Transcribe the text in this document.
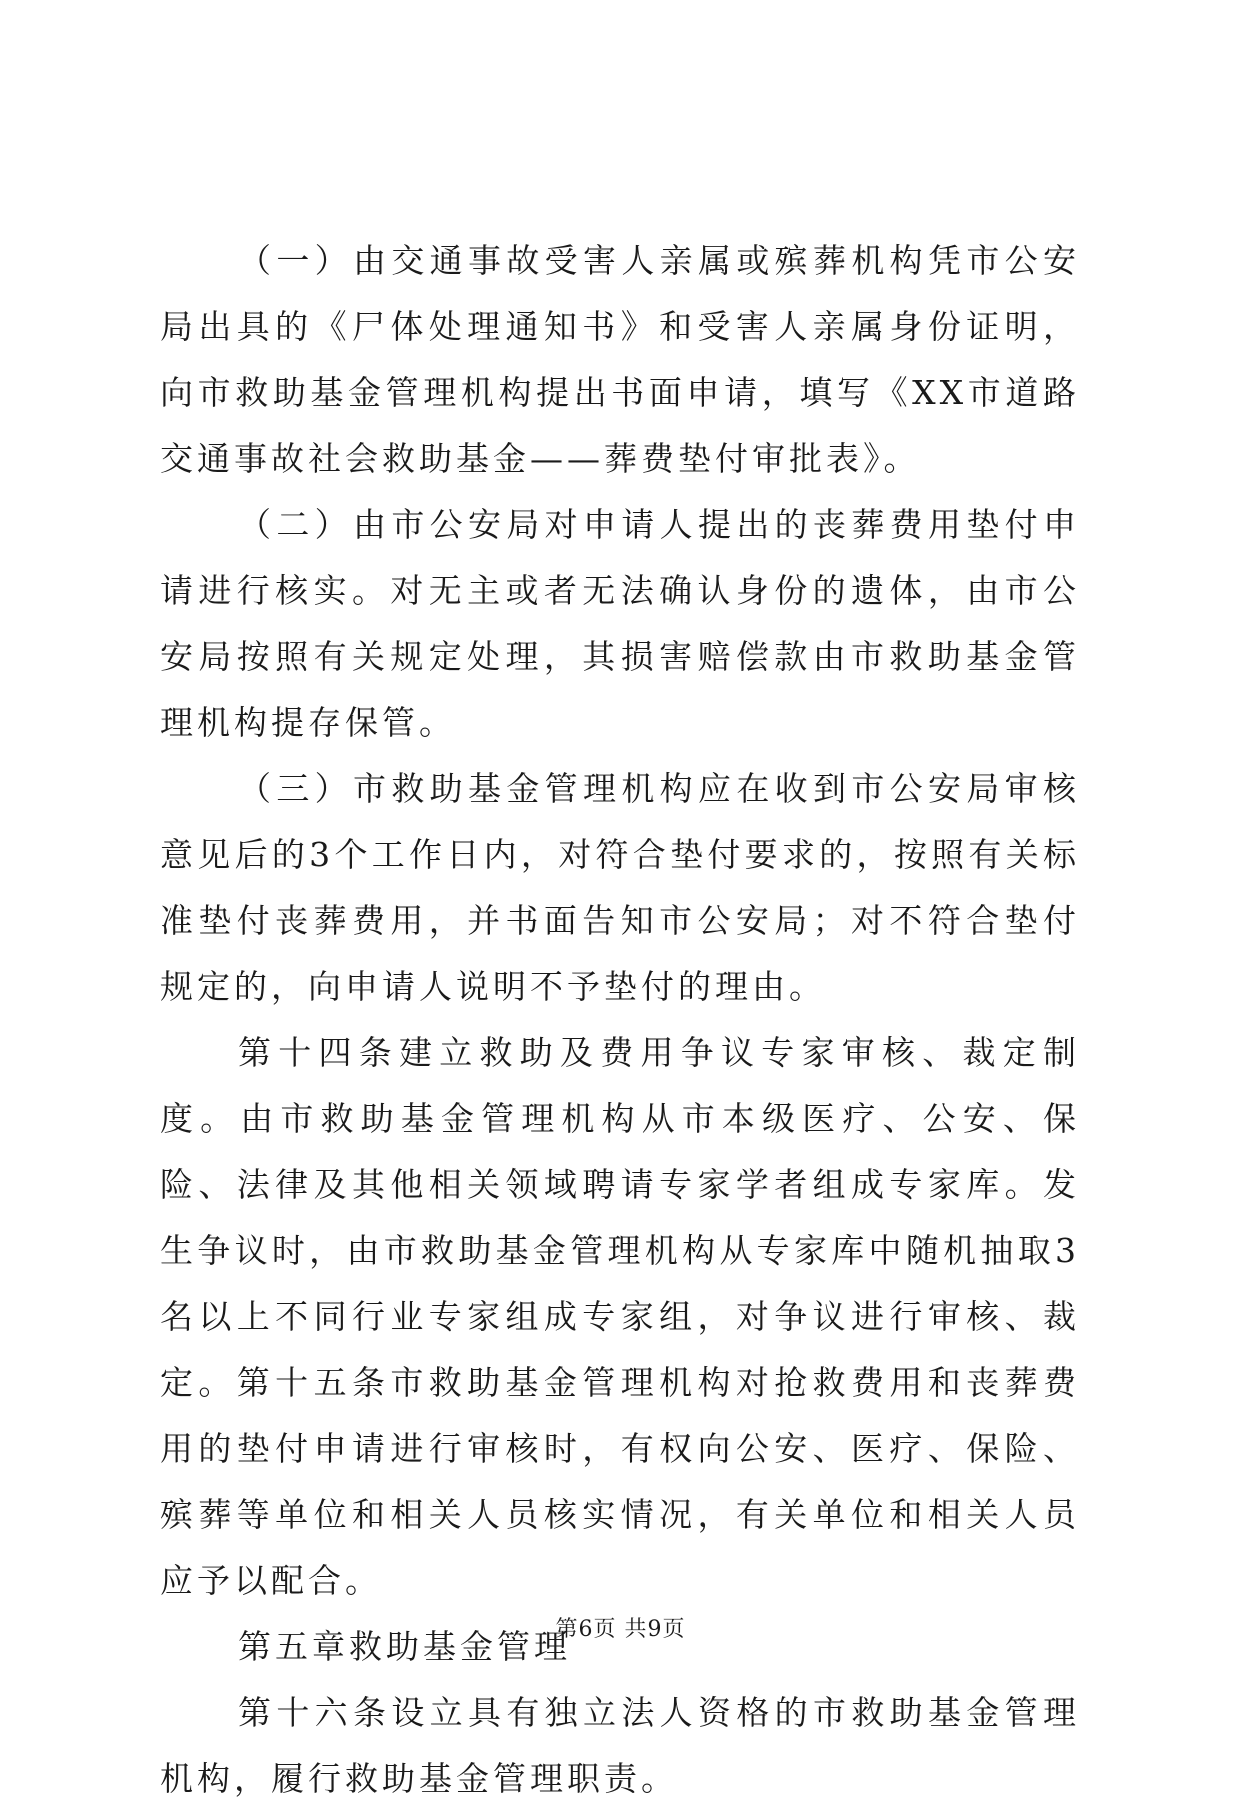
（一）由交通事故受害人亲属或殡葬机构凭市公安局出具的《尸体处理通知书》和受害人亲属身份证明，向市救助基金管理机构提出书面申请，填写《XX市道路交通事故社会救助基金——葬费垫付审批表》。

（二）由市公安局对申请人提出的丧葬费用垫付申请进行核实。对无主或者无法确认身份的遗体，由市公安局按照有关规定处理，其损害赔偿款由市救助基金管理机构提存保管。

（三）市救助基金管理机构应在收到市公安局审核意见后的3个工作日内，对符合垫付要求的，按照有关标准垫付丧葬费用，并书面告知市公安局；对不符合垫付规定的，向申请人说明不予垫付的理由。

第十四条建立救助及费用争议专家审核、裁定制度。由市救助基金管理机构从市本级医疗、公安、保险、法律及其他相关领域聘请专家学者组成专家库。发生争议时，由市救助基金管理机构从专家库中随机抽取3名以上不同行业专家组成专家组，对争议进行审核、裁定。第十五条市救助基金管理机构对抢救费用和丧葬费用的垫付申请进行审核时，有权向公安、医疗、保险、殡葬等单位和相关人员核实情况，有关单位和相关人员应予以配合。

第五章救助基金管理

第十六条设立具有独立法人资格的市救助基金管理机构，履行救助基金管理职责。

第6页 共9页
